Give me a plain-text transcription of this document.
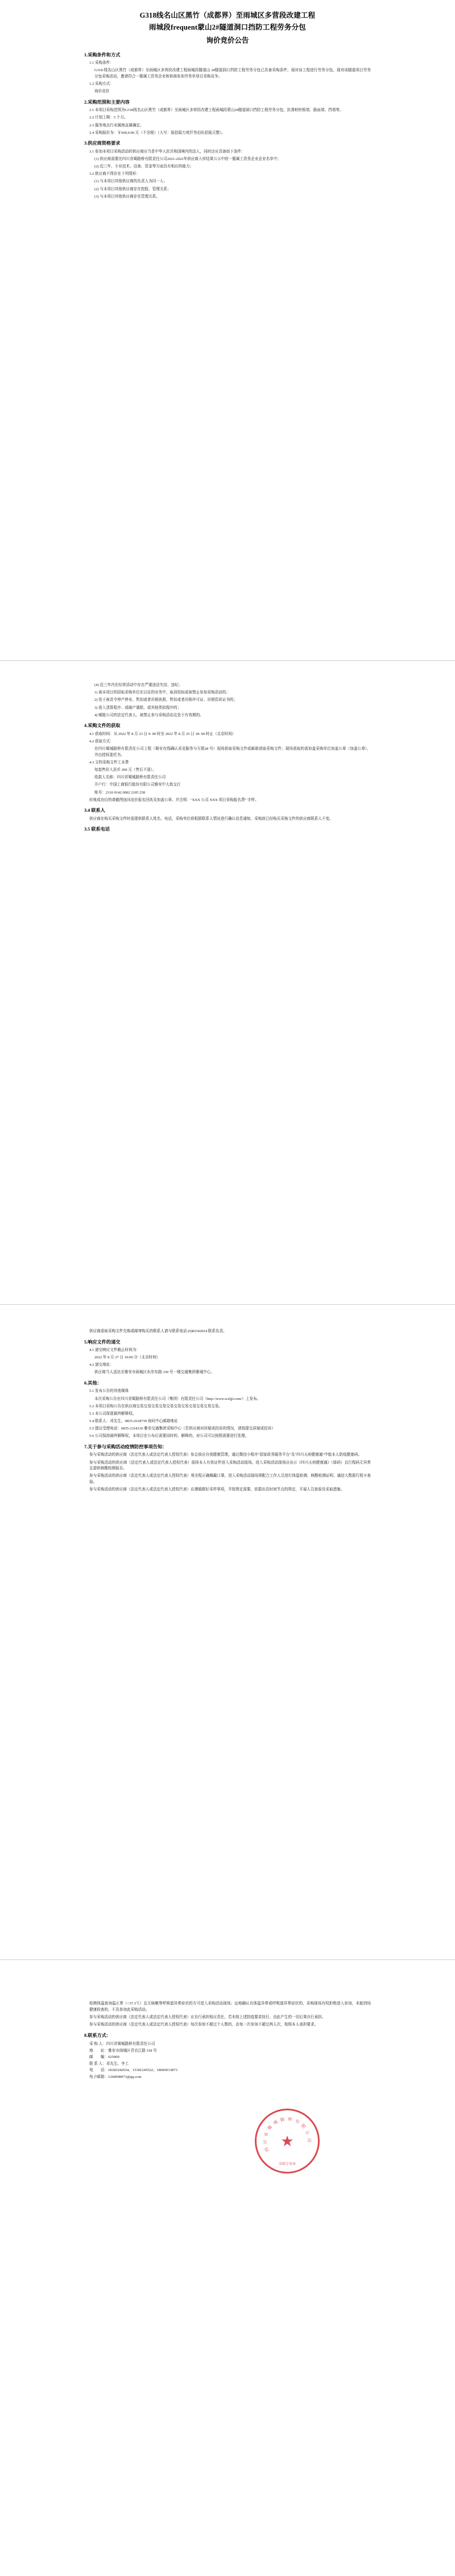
G318线名山区黑竹（成都界）至雨城区多营段改建工程
雨城段frequent蒙山2#隧道洞口挡防工程劳务分包
询价竞价公告
1.采购条件和方式

1.1 采购条件：

G318 线名山区黑竹（成都界）至雨城区多营段改建工程雨城段隧道山 2#隧道洞口挡防工程劳务分包已具备采购条件，现对该工程进行劳务分包，现对该隧道项目劳务分包采购活动，邀请符合一题属工资务企业和供商参加劳务单项目采购竞争。

1.2 采购方式：

询价竞价

2.采购范围和主要内容

2.1 本项目采购范围为G318线名山区黑竹（成都界）至雨城区多营段改建工程雨城段蒙山2#隧道洞口挡防工程劳务分包，抗滑桩桩板墙、路面墙、挡墙等。

2.2 计划工期：5 个月。

2.3 服务地点行业属地直属确定。

2.4 采购报价为：￥600,0.00 元（不含税）（大写：陆拾陆万贰仟叁佰伍拾陆元整）。

3.供应商资格要求

3.1 参加本项目采购活动的供应商应当是中华人民共和国境内的法人，同时还应具备如下条件：

(1) 供应商需要在四川省蜀路桥有限责任公司2021-2022年供应商入库结果公示中的一题属工资务企业企业名单中；

(2) 近三年，专业技术、设备、资金等方面具有相应的能力；

3.2 供应商不得存在下列情形：

(1) 与本项目其他供应商的负责人为同一人；

(2) 与本项目其他供应商存在控股、管理关系；

(3) 与本项目其他供应商存在管理关系。

(4) 近三年内在经营活动中存在严重违法失信、违纪；

1) 被本项目的招标采购单位在以往的业务中，取消投标或被禁止参加采购活动的；

2) 处于被责令停产停业、暂扣或者吊销执照、暂扣或者吊销许可证、吊销资质证书的；

3) 进入清算程序、或破产重组、或其他类似程序的；

4) 赋能公司的法定代表人、被禁止参与采购活动且处于有效期的。

4.采购文件的获取

4.1 获取时间：从 2022 年 8 月 23 日 9: 00 时至 2022 年 8 月 25 日 18: 00 时止（北京时间）

4.2 获取方式：

在四川蜀城路桥有限责任公司工程（蜀安在线确认采竞服务与互联28 号）现场获取采购文件或邮箱获取采购文件；现场获取的需加盖采购单位加盖公章（加盖公章），并由授权委托书。

4.3 文档采购文件工本费

每套售价人民币 200 元（售后不退）。

收款人名称：四川省蜀城路桥有限责任公司

开户行：中国工商银行股份有限公司雅安中大街支行

账号：2310 0142 0902 2105 258

转账成功后的请截图连同竞价报名回执及加盖公章、并注明："XXX 公司 XXX 项目采购报名费" 字样。

3.4 联系人

供应商在购买采购文件时需提供联系人姓名、电话，采购单位将根据联系人情况进行确认信息通知，采购前已经购买采购文件的供应商联系人不变。

3.5 联系电话

供应商需取采购文件先购或邮寄购买的联系人请与联系电话 (0)83342024 联系负责。

5.响应文件的递交

4.1 递交响应文件截止时间为：

2022 年 8 月 27 日 10:00 分（北京时间）

4.2 递交地址：

供应商当人送达至雅安市雨城区东岸东路 330 号一楼交通集团雅城中心。

6.其他：

5.1 发布公告的其他媒体

本次采购公告在四川省蜀路桥有限责任公司（集团）有限责任公司（http://www.scsljjt.com/）上发布。

5.2 本项目采购公告在供应商交易交易交易交易交易交易交易交易交易交易交易。

5.3 本公司保留最终解释权。

5.4 联系人：邓先生，0835-2618739 询问中心邮箱地址

5.5 提议受理电话：0835-2318136 雅安交通集团采购中心（若供应商对质疑或投诉的情况，请按提交质疑或投诉）

5.6 公司保持最终解释权，本项目在公布后需要同时的、解释的，对公司可以按照需要进行处理。

7.关于参与采购活动疫情防控事项告知：

参与采购活动的供应商（法定代表人或法定代表人授权代表）参会前应自我健康管理，通过微信小程序"国家政务服务平台"及"四川天府健康通"中能本人防疫健康码。

参与采购活动的供应商（法定代表人或法定代表人授权代表）需持本人有效证件进入采购活动现场。进入采购活动现场应出示《四川天府健康通》（绿码）且行程码无异常且提供核酸检测报告。

参与采购活动的供应商（法定代表人或法定代表人授权代表）须全程正确佩戴口罩，进入采购活动现场须配合工作人员进行体温检测、核酸检测证明、通信大数据行程卡查验。

参与采购活动的供应商（法定代表人或法定代表人授权代表）应遵循做好采样事项，并按规定需要，依据出具时间节点的规定，开展人员查验及采取措施。

检测体温查询温正常（<37.3℃）且无咳嗽等呼吸道异常症状的方可进入采购活动现场；远地确认有体温异常或呼吸道异常症状的，采购现场有权拒绝进入参加，未能到场健康检查的，不具参加此采购活动。

参与采购活动的供应商（法定代表人或法定代表人授权代表）应自行承担相应责任，若未按上述防疫要求执行，由此产生的一切后果自行承担。

参与采购活动的供应商（法定代表人或法定代表人授权代表）每次参加不超过个人数的，由每一次参加不超过两人次，按照本人承担要求。

8.联系方式：
采 购 人：四川省蜀城路桥有限责任公司
地　　址：雅安市雨城区青衣江路 318 号
邮　　编：625000
联 系 人：邓先生、李工
电　　话：18183242034、15181245522、18683013873
电子邮箱：1260098973@qq.com
四
川
省
蜀
城 路 桥 有
限
公
司
★
采购专用章
